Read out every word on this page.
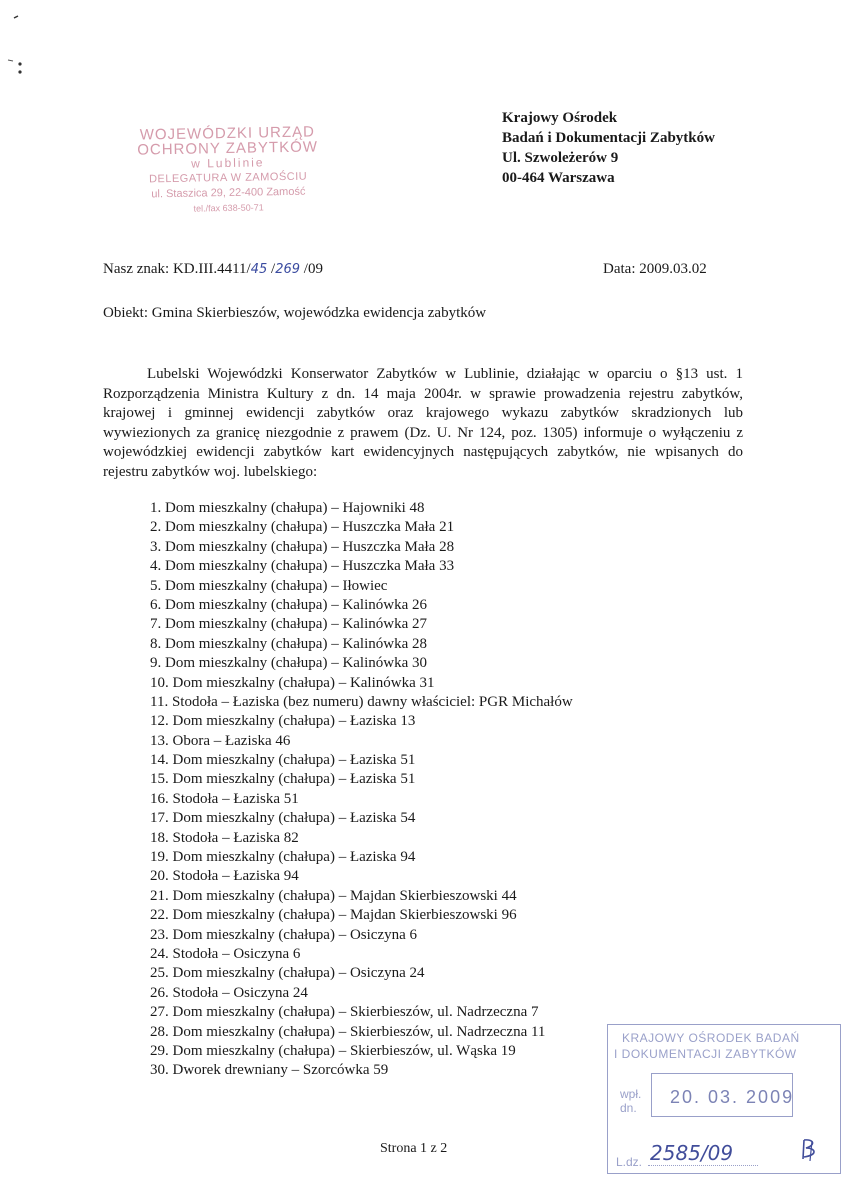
WOJEWÓDZKI URZĄD
OCHRONY ZABYTKÓW
w Lublinie
DELEGATURA W ZAMOŚCIU
ul. Staszica 29, 22-400 Zamość
tel./fax 638-50-71
Krajowy Ośrodek
Badań i Dokumentacji Zabytków
Ul. Szwoleżerów 9
00-464 Warszawa
Nasz znak: KD.III.4411/45 /269 /09	Data: 2009.03.02
Obiekt: Gmina Skierbieszów, wojewódzka ewidencja zabytków
Lubelski Wojewódzki Konserwator Zabytków w Lublinie, działając w oparciu o §13 ust. 1 Rozporządzenia Ministra Kultury z dn. 14 maja 2004r. w sprawie prowadzenia rejestru zabytków, krajowej i gminnej ewidencji zabytków oraz krajowego wykazu zabytków skradzionych lub wywiezionych za granicę niezgodnie z prawem (Dz. U. Nr 124, poz. 1305) informuje o wyłączeniu z wojewódzkiej ewidencji zabytków kart ewidencyjnych następujących zabytków, nie wpisanych do rejestru zabytków woj. lubelskiego:
1. Dom mieszkalny (chałupa) – Hajowniki 48
2. Dom mieszkalny (chałupa) – Huszczka Mała 21
3. Dom mieszkalny (chałupa) – Huszczka Mała 28
4. Dom mieszkalny (chałupa) – Huszczka Mała 33
5. Dom mieszkalny (chałupa) – Iłowiec
6. Dom mieszkalny (chałupa) – Kalinówka 26
7. Dom mieszkalny (chałupa) – Kalinówka 27
8. Dom mieszkalny (chałupa) – Kalinówka 28
9. Dom mieszkalny (chałupa) – Kalinówka 30
10. Dom mieszkalny (chałupa) – Kalinówka 31
11. Stodoła – Łaziska (bez numeru) dawny właściciel: PGR Michałów
12. Dom mieszkalny (chałupa) – Łaziska 13
13. Obora – Łaziska 46
14. Dom mieszkalny (chałupa) – Łaziska 51
15. Dom mieszkalny (chałupa) – Łaziska 51
16. Stodoła – Łaziska 51
17. Dom mieszkalny (chałupa) – Łaziska 54
18. Stodoła – Łaziska 82
19. Dom mieszkalny (chałupa) – Łaziska 94
20. Stodoła – Łaziska 94
21. Dom mieszkalny (chałupa) – Majdan Skierbieszowski 44
22. Dom mieszkalny (chałupa) – Majdan Skierbieszowski 96
23. Dom mieszkalny (chałupa) – Osiczyna 6
24. Stodoła – Osiczyna 6
25. Dom mieszkalny (chałupa) – Osiczyna 24
26. Stodoła – Osiczyna 24
27. Dom mieszkalny (chałupa) – Skierbieszów, ul. Nadrzeczna 7
28. Dom mieszkalny (chałupa) – Skierbieszów, ul. Nadrzeczna 11
29. Dom mieszkalny (chałupa) – Skierbieszów, ul. Wąska 19
30. Dworek drewniany – Szorcówka 59
Strona 1 z 2
KRAJOWY OŚRODEK BADAŃ
I DOKUMENTACJI ZABYTKÓW
wpł.
dn.
20. 03. 2009
L.dz. 2585/09
